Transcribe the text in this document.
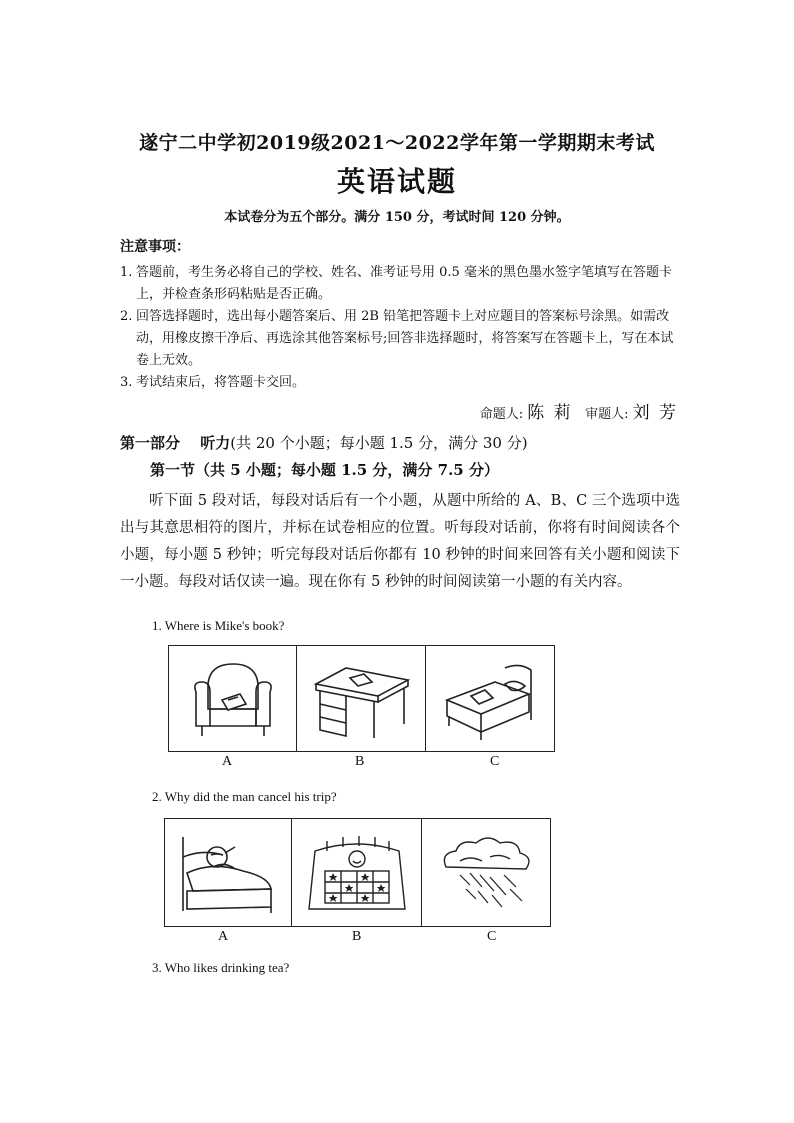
遂宁二中学初2019级2021～2022学年第一学期期末考试
英语试题
本试卷分为五个部分。满分 150 分，考试时间 120 分钟。
注意事项：
1. 答题前，考生务必将自己的学校、姓名、准考证号用 0.5 毫米的黑色墨水签字笔填写在答题卡上，并检查条形码粘贴是否正确。
2. 回答选择题时，选出每小题答案后、用 2B 铅笔把答题卡上对应题目的答案标号涂黑。如需改动，用橡皮擦干净后、再选涂其他答案标号;回答非选择题时，将答案写在答题卡上，写在本试卷上无效。
3. 考试结束后，将答题卡交回。
命题人: 陈 莉 审题人: 刘 芳
第一部分　 听力(共 20 个小题；每小题 1.5 分，满分 30 分)
第一节（共 5 小题；每小题 1.5 分，满分 7.5 分）
听下面 5 段对话，每段对话后有一个小题，从题中所给的 A、B、C 三个选项中选出与其意思相符的图片，并标在试卷相应的位置。听每段对话前，你将有时间阅读各个小题，每小题 5 秒钟；听完每段对话后你都有 10 秒钟的时间来回答有关小题和阅读下一小题。每段对话仅读一遍。现在你有 5 秒钟的时间阅读第一小题的有关内容。
1. Where is Mike's book?
A	B	C
2. Why did the man cancel his trip?
A	B	C
3. Who likes drinking tea?
